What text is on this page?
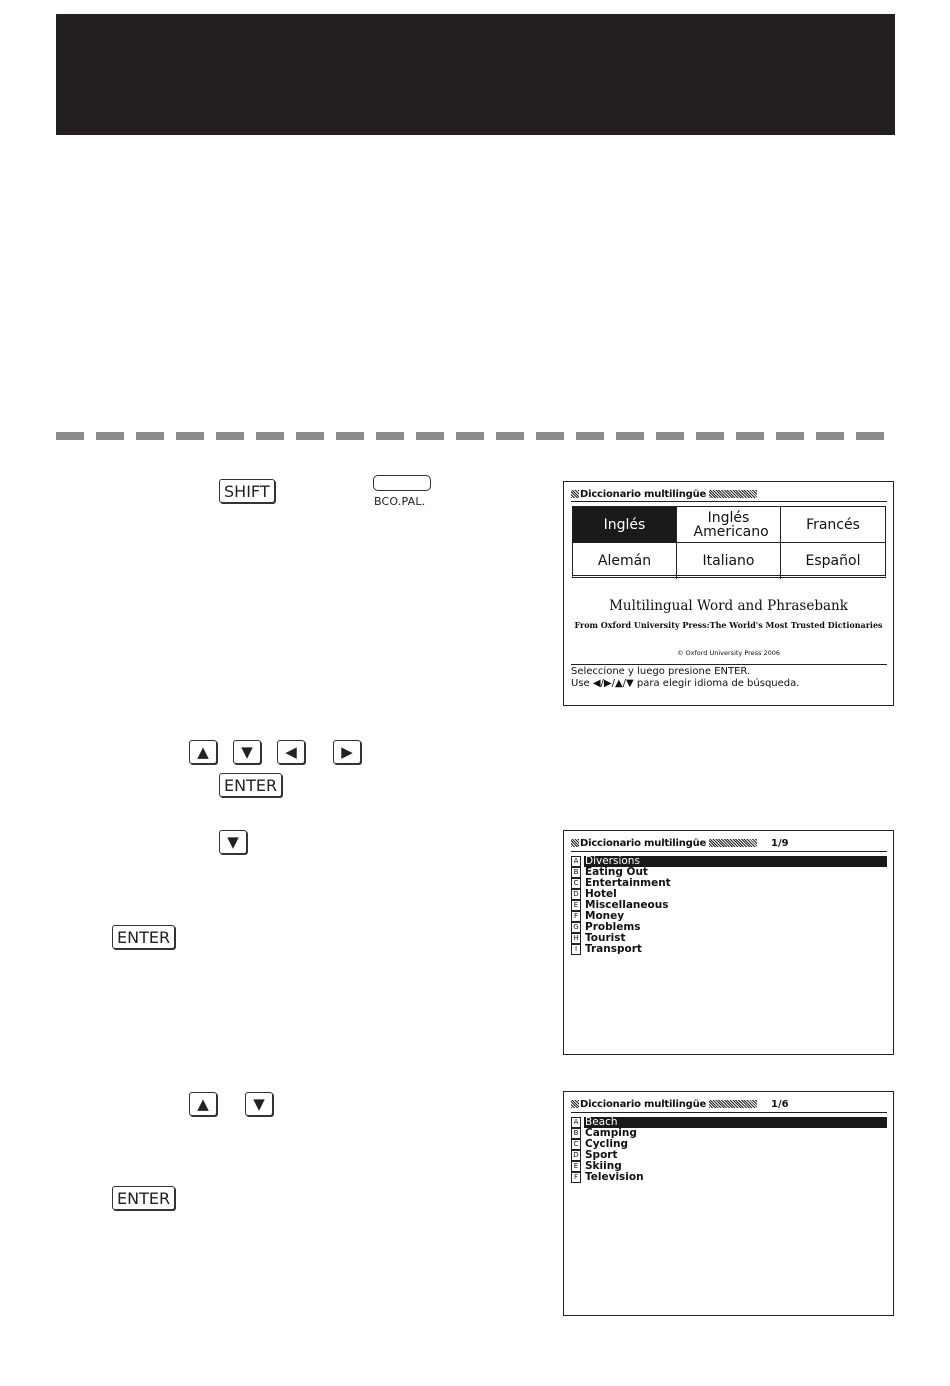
SHIFT
BCO.PAL.
▲	▼	◀	▶
ENTER
▼
ENTER
▲	▼
ENTER
Diccionario multilingüe
Inglés	Inglés Americano	Francés
Alemán	Italiano	Español
Multilingual Word and Phrasebank
From Oxford University Press:The World's Most Trusted Dictionaries
© Oxford University Press 2006
Seleccione y luego presione ENTER.
Use ◀/▶/▲/▼ para elegir idioma de búsqueda.
Diccionario multilingüe	1/9
A Diversions
B Eating Out
C Entertainment
D Hotel
E Miscellaneous
F Money
G Problems
H Tourist
I Transport
Diccionario multilingüe	1/6
A Beach
B Camping
C Cycling
D Sport
E Skiing
F Television
